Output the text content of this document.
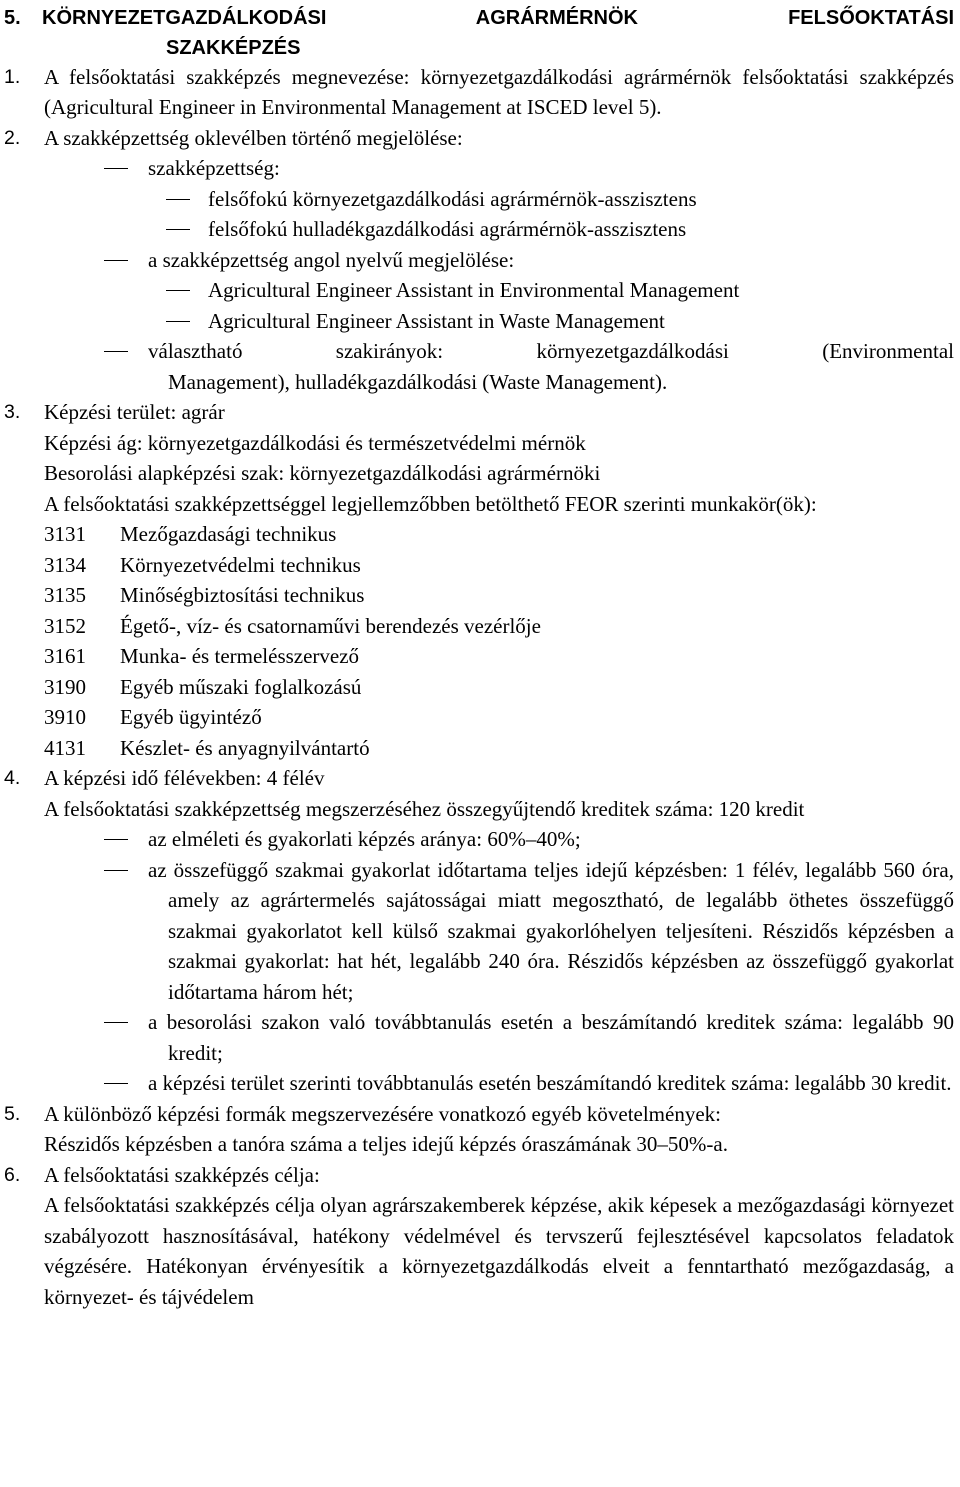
5.	KÖRNYEZETGAZDÁLKODÁSI AGRÁRMÉRNÖK FELSŐOKTATÁSI
SZAKKÉPZÉS
1.	A felsőoktatási szakképzés megnevezése: környezetgazdálkodási agrármérnök felsőoktatási szakképzés (Agricultural Engineer in Environmental Management at ISCED level 5).
2.	A szakképzettség oklevélben történő megjelölése:
szakképzettség:
felsőfokú környezetgazdálkodási agrármérnök-asszisztens
felsőfokú hulladékgazdálkodási agrármérnök-asszisztens
a szakképzettség angol nyelvű megjelölése:
Agricultural Engineer Assistant in Environmental Management
Agricultural Engineer Assistant in Waste Management
választható szakirányok: környezetgazdálkodási (Environmental
Management), hulladékgazdálkodási (Waste Management).
3.	Képzési terület: agrár
Képzési ág: környezetgazdálkodási és természetvédelmi mérnök
Besorolási alapképzési szak: környezetgazdálkodási agrármérnöki
A felsőoktatási szakképzettséggel legjellemzőbben betölthető FEOR szerinti munkakör(ök):
3131	Mezőgazdasági technikus
3134	Környezetvédelmi technikus
3135	Minőségbiztosítási technikus
3152	Égető-, víz- és csatornaművi berendezés vezérlője
3161	Munka- és termelésszervező
3190	Egyéb műszaki foglalkozású
3910	Egyéb ügyintéző
4131	Készlet- és anyagnyilvántartó
4.	A képzési idő félévekben: 4 félév
A felsőoktatási szakképzettség megszerzéséhez összegyűjtendő kreditek száma: 120 kredit
az elméleti és gyakorlati képzés aránya: 60%–40%;
az összefüggő szakmai gyakorlat időtartama teljes idejű képzésben: 1 félév, legalább 560 óra, amely az agrártermelés sajátosságai miatt megosztható, de legalább öthetes összefüggő szakmai gyakorlatot kell külső szakmai gyakorlóhelyen teljesíteni. Részidős képzésben a szakmai gyakorlat: hat hét, legalább 240 óra. Részidős képzésben az összefüggő gyakorlat időtartama három hét;
a besorolási szakon való továbbtanulás esetén a beszámítandó kreditek száma: legalább 90 kredit;
a képzési terület szerinti továbbtanulás esetén beszámítandó kreditek száma: legalább 30 kredit.
5.	A különböző képzési formák megszervezésére vonatkozó egyéb követelmények:
Részidős képzésben a tanóra száma a teljes idejű képzés óraszámának 30–50%-a.
6.	A felsőoktatási szakképzés célja:
A felsőoktatási szakképzés célja olyan agrárszakemberek képzése, akik képesek a mezőgazdasági környezet szabályozott hasznosításával, hatékony védelmével és tervszerű fejlesztésével kapcsolatos feladatok végzésére. Hatékonyan érvényesítik a környezetgazdálkodás elveit a fenntartható mezőgazdaság, a környezet- és tájvédelem
